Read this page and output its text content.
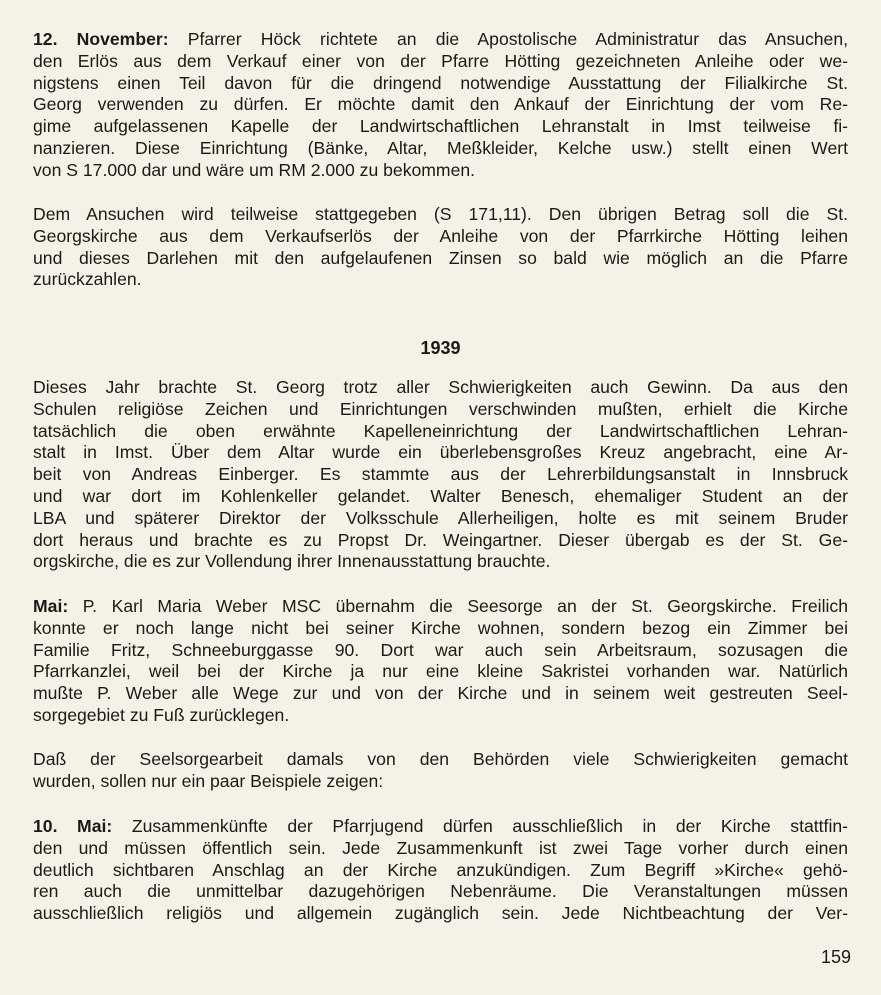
12. November: Pfarrer Höck richtete an die Apostolische Administratur das Ansuchen,
den Erlös aus dem Verkauf einer von der Pfarre Hötting gezeichneten Anleihe oder we-
nigstens einen Teil davon für die dringend notwendige Ausstattung der Filialkirche St.
Georg verwenden zu dürfen. Er möchte damit den Ankauf der Einrichtung der vom Re-
gime aufgelassenen Kapelle der Landwirtschaftlichen Lehranstalt in Imst teilweise fi-
nanzieren. Diese Einrichtung (Bänke, Altar, Meßkleider, Kelche usw.) stellt einen Wert
von S 17.000 dar und wäre um RM 2.000 zu bekommen.
Dem Ansuchen wird teilweise stattgegeben (S 171,11). Den übrigen Betrag soll die St.
Georgskirche aus dem Verkaufserlös der Anleihe von der Pfarrkirche Hötting leihen
und dieses Darlehen mit den aufgelaufenen Zinsen so bald wie möglich an die Pfarre
zurückzahlen.
1939
Dieses Jahr brachte St. Georg trotz aller Schwierigkeiten auch Gewinn. Da aus den
Schulen religiöse Zeichen und Einrichtungen verschwinden mußten, erhielt die Kirche
tatsächlich die oben erwähnte Kapelleneinrichtung der Landwirtschaftlichen Lehran-
stalt in Imst. Über dem Altar wurde ein überlebensgroßes Kreuz angebracht, eine Ar-
beit von Andreas Einberger. Es stammte aus der Lehrerbildungsanstalt in Innsbruck
und war dort im Kohlenkeller gelandet. Walter Benesch, ehemaliger Student an der
LBA und späterer Direktor der Volksschule Allerheiligen, holte es mit seinem Bruder
dort heraus und brachte es zu Propst Dr. Weingartner. Dieser übergab es der St. Ge-
orgskirche, die es zur Vollendung ihrer Innenausstattung brauchte.
Mai: P. Karl Maria Weber MSC übernahm die Seesorge an der St. Georgskirche. Freilich
konnte er noch lange nicht bei seiner Kirche wohnen, sondern bezog ein Zimmer bei
Familie Fritz, Schneeburggasse 90. Dort war auch sein Arbeitsraum, sozusagen die
Pfarrkanzlei, weil bei der Kirche ja nur eine kleine Sakristei vorhanden war. Natürlich
mußte P. Weber alle Wege zur und von der Kirche und in seinem weit gestreuten Seel-
sorgegebiet zu Fuß zurücklegen.
Daß der Seelsorgearbeit damals von den Behörden viele Schwierigkeiten gemacht
wurden, sollen nur ein paar Beispiele zeigen:
10. Mai: Zusammenkünfte der Pfarrjugend dürfen ausschließlich in der Kirche stattfin-
den und müssen öffentlich sein. Jede Zusammenkunft ist zwei Tage vorher durch einen
deutlich sichtbaren Anschlag an der Kirche anzukündigen. Zum Begriff »Kirche« gehö-
ren auch die unmittelbar dazugehörigen Nebenräume. Die Veranstaltungen müssen
ausschließlich religiös und allgemein zugänglich sein. Jede Nichtbeachtung der Ver-
159
